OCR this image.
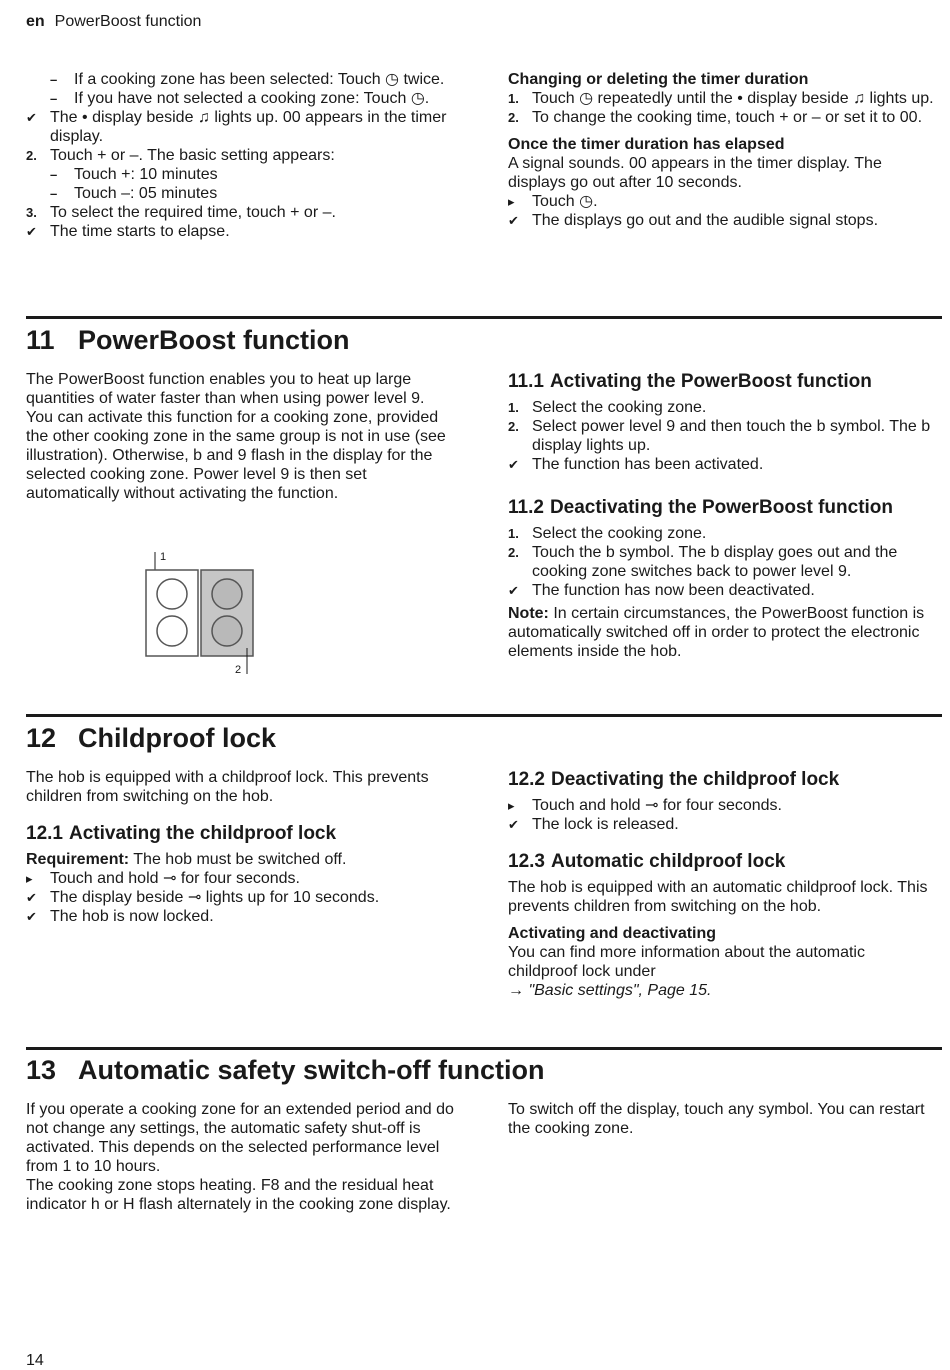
en PowerBoost function

–	If a cooking zone has been selected: Touch ◷ twice.

–	If you have not selected a cooking zone: Touch ◷.

✔ The • display beside ♫ lights up. 00 appears in the timer display.

2. Touch + or –. The basic setting appears:

–	Touch +: 10 minutes

–	Touch –: 05 minutes

3. To select the required time, touch + or –.

✔ The time starts to elapse.

Changing or deleting the timer duration

1. Touch ◷ repeatedly until the • display beside ♫ lights up.

2. To change the cooking time, touch + or – or set it to 00.

Once the timer duration has elapsed

A signal sounds. 00 appears in the timer display. The displays go out after 10 seconds.

▸	Touch ◷.

✔ The displays go out and the audible signal stops.

11 PowerBoost function

The PowerBoost function enables you to heat up large quantities of water faster than when using power level 9.

You can activate this function for a cooking zone, provided the other cooking zone in the same group is not in use (see illustration). Otherwise, b and 9 flash in the display for the selected cooking zone. Power level 9 is then set automatically without activating the function.

1
2

11.1 Activating the PowerBoost function

1. Select the cooking zone.

2. Select power level 9 and then touch the b symbol. The b display lights up.

✔ The function has been activated.

11.2 Deactivating the PowerBoost function

1. Select the cooking zone.

2. Touch the b symbol. The b display goes out and the cooking zone switches back to power level 9.

✔ The function has now been deactivated.

Note: In certain circumstances, the PowerBoost function is automatically switched off in order to protect the electronic elements inside the hob.

12 Childproof lock

The hob is equipped with a childproof lock. This prevents children from switching on the hob.

12.1 Activating the childproof lock

Requirement: The hob must be switched off.

▸	Touch and hold ⊸ for four seconds.

✔ The display beside ⊸ lights up for 10 seconds.

✔ The hob is now locked.

12.2 Deactivating the childproof lock

▸	Touch and hold ⊸ for four seconds.

✔ The lock is released.

12.3 Automatic childproof lock

The hob is equipped with an automatic childproof lock. This prevents children from switching on the hob.

Activating and deactivating

You can find more information about the automatic childproof lock under

→ "Basic settings", Page 15.

13 Automatic safety switch-off function

If you operate a cooking zone for an extended period and do not change any settings, the automatic safety shut-off is activated. This depends on the selected performance level from 1 to 10 hours.

The cooking zone stops heating. F8 and the residual heat indicator h or H flash alternately in the cooking zone display.

To switch off the display, touch any symbol. You can restart the cooking zone.

14
